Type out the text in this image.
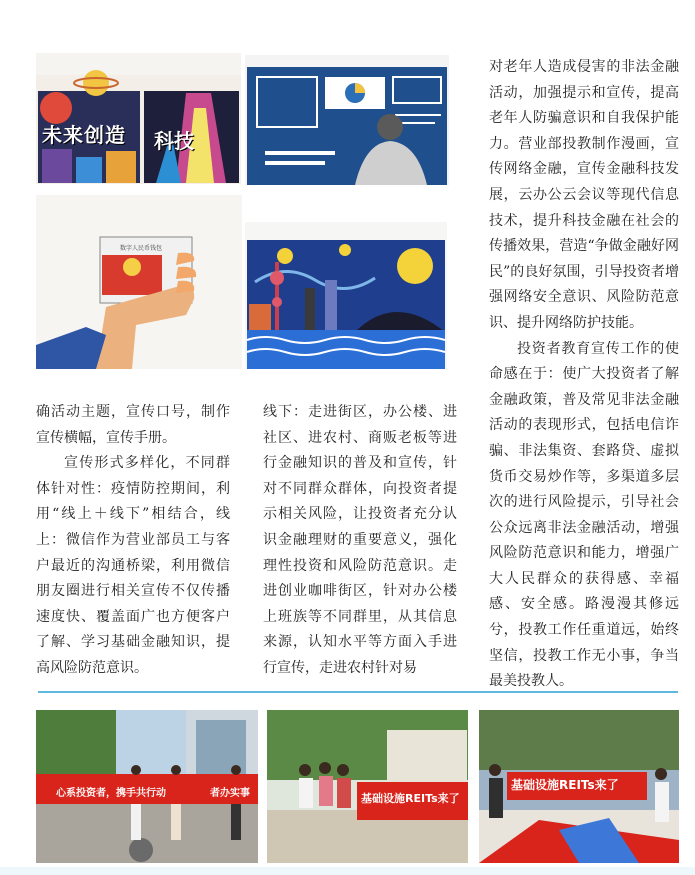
未来创造 科技
数字人民币钱包

对老年人造成侵害的非法金融活动，加强提示和宣传，提高老年人防骗意识和自我保护能力。营业部投教制作漫画，宣传网络金融，宣传金融科技发展，云办公云会议等现代信息技术，提升科技金融在社会的传播效果，营造“争做金融好网民”的良好氛围，引导投资者增强网络安全意识、风险防范意识、提升网络防护技能。

投资者教育宣传工作的使命感在于：使广大投资者了解金融政策，普及常见非法金融活动的表现形式，包括电信诈骗、非法集资、套路贷、虚拟货币交易炒作等，多渠道多层次的进行风险提示，引导社会公众远离非法金融活动，增强风险防范意识和能力，增强广大人民群众的获得感、幸福感、安全感。路漫漫其修远兮，投教工作任重道远，始终坚信，投教工作无小事，争当最美投教人。

确活动主题，宣传口号，制作宣传横幅，宣传手册。

宣传形式多样化，不同群体针对性：疫情防控期间，利用“线上＋线下”相结合，线上：微信作为营业部员工与客户最近的沟通桥梁，利用微信朋友圈进行相关宣传不仅传播速度快、覆盖面广也方便客户了解、学习基础金融知识，提高风险防范意识。

线下：走进街区，办公楼、进社区、进农村、商贩老板等进行金融知识的普及和宣传，针对不同群众群体，向投资者提示相关风险，让投资者充分认识金融理财的重要意义，强化理性投资和风险防范意识。走进创业咖啡街区，针对办公楼上班族等不同群里，从其信息来源，认知水平等方面入手进行宣传，走进农村针对易

心系投资者，携手共行动	者办实事	基础设施REITs来了
基础设施REITs来了
